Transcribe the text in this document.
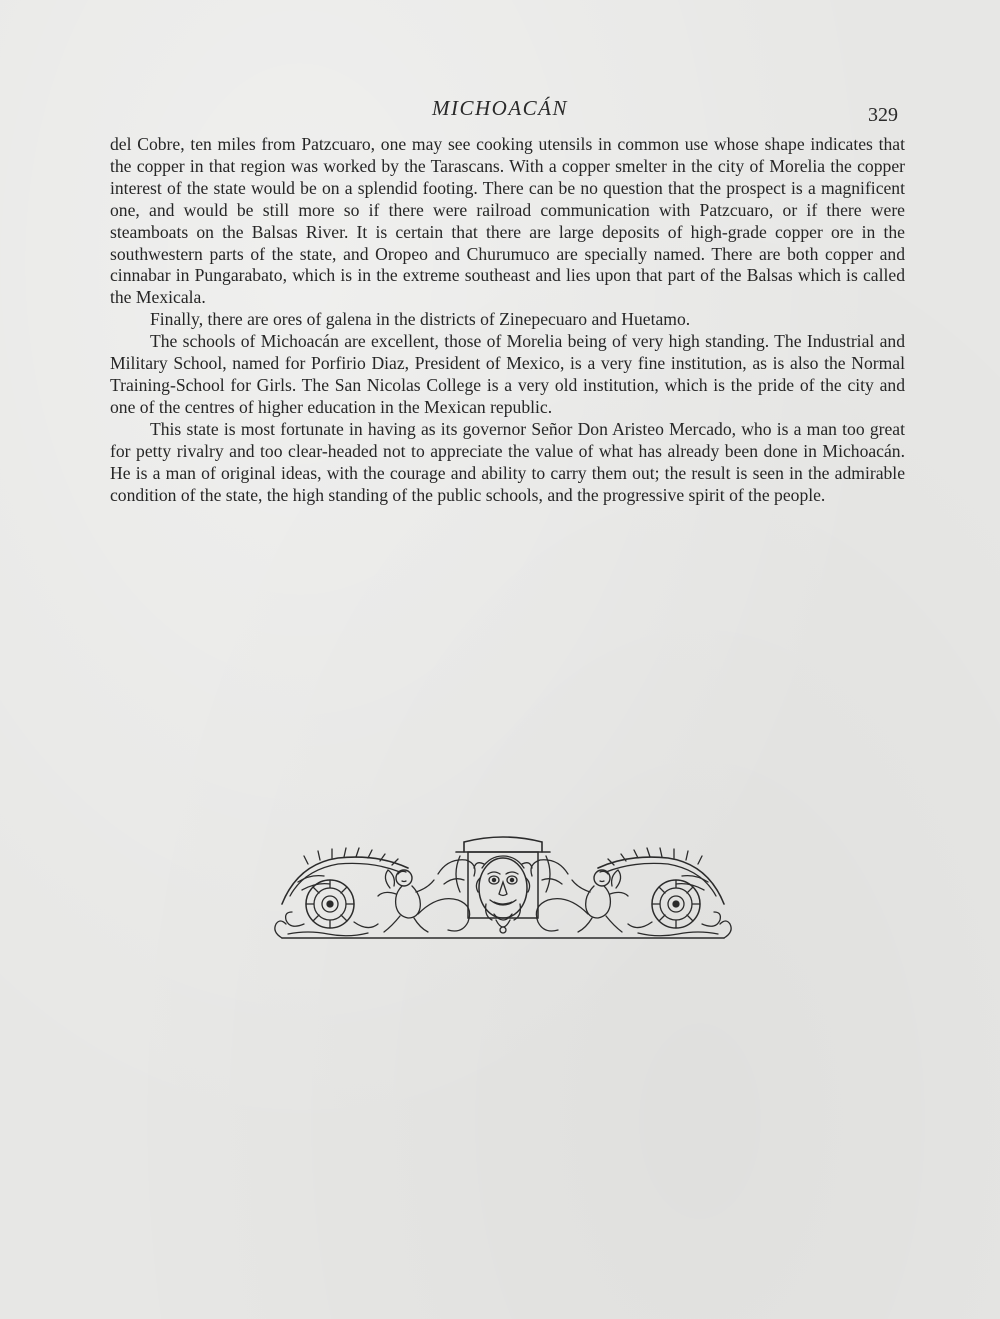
MICHOACÁN	329

del Cobre, ten miles from Patzcuaro, one may see cooking utensils in common use whose shape indicates that the copper in that region was worked by the Tarascans. With a copper smelter in the city of Morelia the copper interest of the state would be on a splendid footing. There can be no question that the prospect is a magnificent one, and would be still more so if there were railroad communication with Patzcuaro, or if there were steamboats on the Balsas River. It is certain that there are large deposits of high-grade copper ore in the southwestern parts of the state, and Oropeo and Churumuco are specially named. There are both copper and cinnabar in Pungarabato, which is in the extreme southeast and lies upon that part of the Balsas which is called the Mexicala.

Finally, there are ores of galena in the districts of Zinepecuaro and Huetamo.

The schools of Michoacán are excellent, those of Morelia being of very high standing. The Industrial and Military School, named for Porfirio Diaz, President of Mexico, is a very fine institution, as is also the Normal Training-School for Girls. The San Nicolas College is a very old institution, which is the pride of the city and one of the centres of higher education in the Mexican republic.

This state is most fortunate in having as its governor Señor Don Aristeo Mercado, who is a man too great for petty rivalry and too clear-headed not to appreciate the value of what has already been done in Michoacán. He is a man of original ideas, with the courage and ability to carry them out; the result is seen in the admirable condition of the state, the high standing of the public schools, and the progressive spirit of the people.
